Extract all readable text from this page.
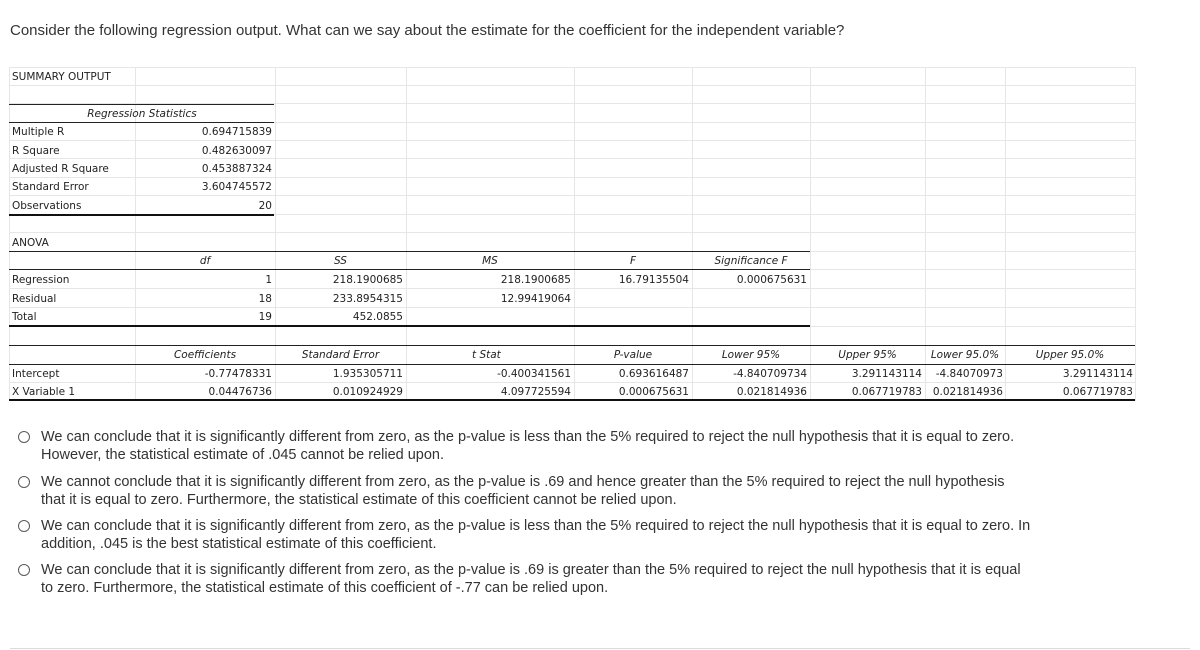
Consider the following regression output. What can we say about the estimate for the coefficient for the independent variable?
SUMMARY OUTPUT
Regression Statistics
Multiple R	0.694715839
R Square	0.482630097
Adjusted R Square	0.453887324
Standard Error	3.604745572
Observations	20
ANOVA
df	SS	MS	F	Significance F
Regression	1	218.1900685	218.1900685	16.79135504	0.000675631
Residual	18	233.8954315	12.99419064
Total	19	452.0855
Coefficients	Standard Error	t Stat	P-value	Lower 95%	Upper 95%	Lower 95.0%	Upper 95.0%
Intercept	-0.77478331	1.935305711	-0.400341561	0.693616487	-4.840709734	3.291143114	-4.84070973	3.291143114
X Variable 1	0.04476736	0.010924929	4.097725594	0.000675631	0.021814936	0.067719783	0.021814936	0.067719783
We can conclude that it is significantly different from zero, as the p-value is less than the 5% required to reject the null hypothesis that it is equal to zero.
However, the statistical estimate of .045 cannot be relied upon.
We cannot conclude that it is significantly different from zero, as the p-value is .69 and hence greater than the 5% required to reject the null hypothesis
that it is equal to zero. Furthermore, the statistical estimate of this coefficient cannot be relied upon.
We can conclude that it is significantly different from zero, as the p-value is less than the 5% required to reject the null hypothesis that it is equal to zero. In
addition, .045 is the best statistical estimate of this coefficient.
We can conclude that it is significantly different from zero, as the p-value is .69 is greater than the 5% required to reject the null hypothesis that it is equal
to zero. Furthermore, the statistical estimate of this coefficient of -.77 can be relied upon.
